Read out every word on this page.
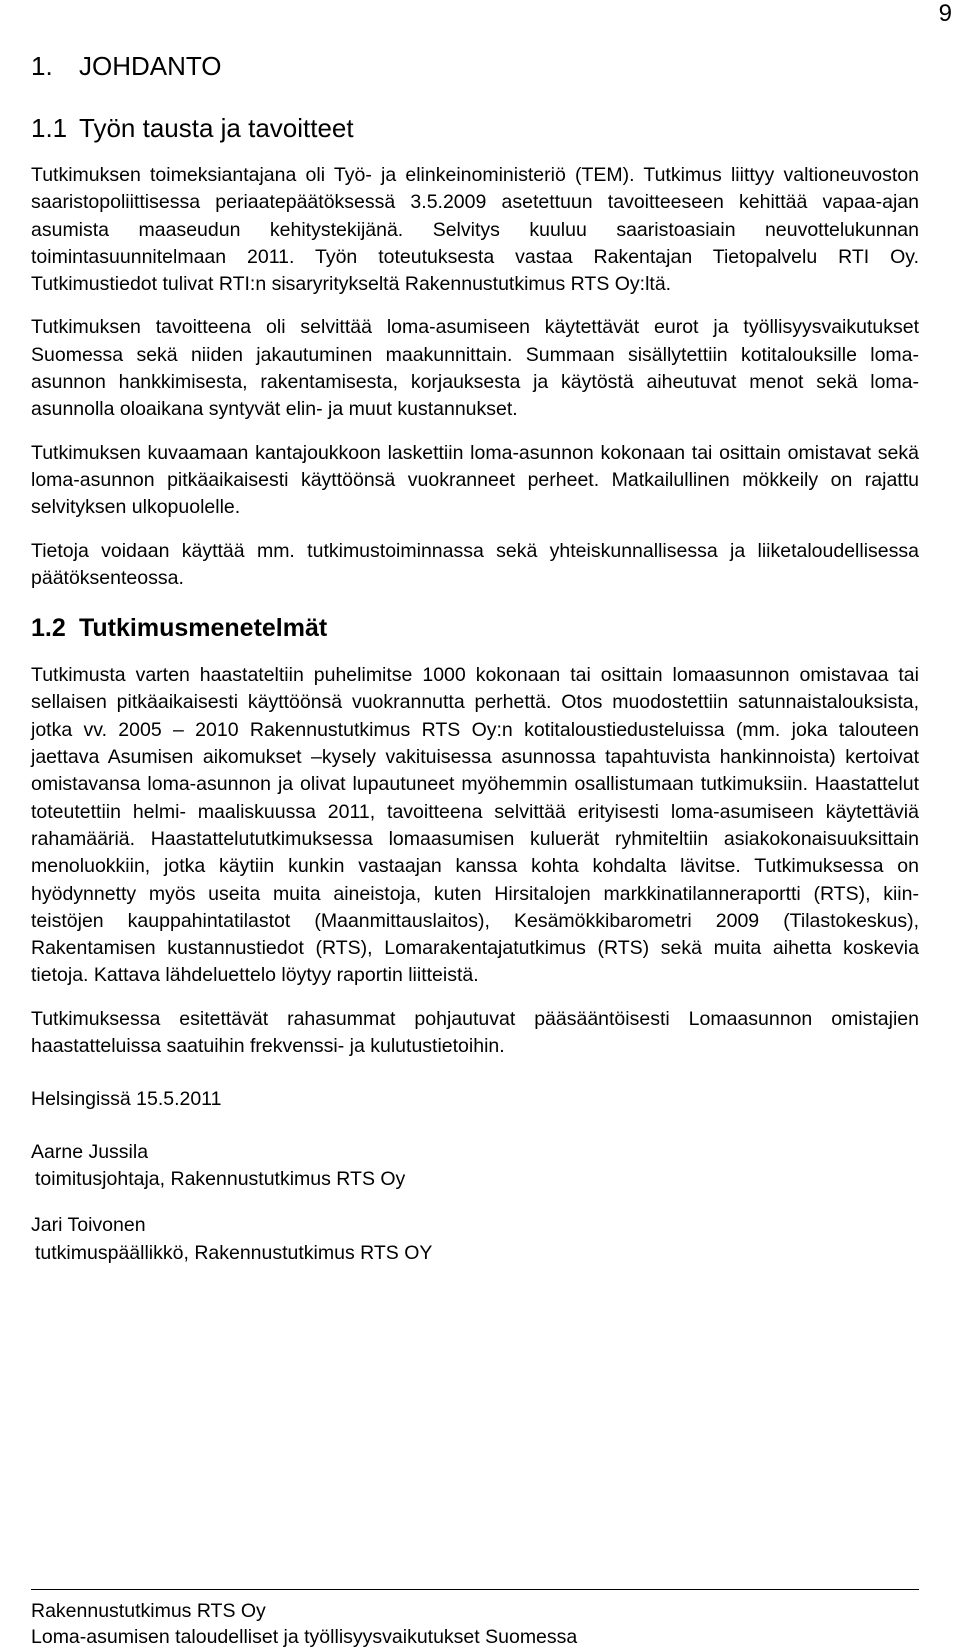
9
1.	JOHDANTO
1.1 Työn tausta ja tavoitteet

Tutkimuksen toimeksiantajana oli Työ- ja elinkeinoministeriö (TEM). Tutkimus liittyy valtioneuvoston saaristopoliittisessa periaatepäätöksessä 3.5.2009 asetettuun tavoitteeseen kehittää vapaa-ajan asumista maaseudun kehitystekijänä. Selvitys kuuluu saaristoasiain neuvottelukunnan toimintasuunnitelmaan 2011. Työn toteutuksesta vastaa Rakentajan Tietopalvelu RTI Oy. Tutkimustiedot tulivat RTI:n sisaryritykseltä Rakennustutkimus RTS Oy:ltä.

Tutkimuksen tavoitteena oli selvittää loma-asumiseen käytettävät eurot ja työllisyysvaikutukset Suomessa sekä niiden jakautuminen maakunnittain. Summaan sisällytettiin kotitalouksille loma-asunnon hankkimisesta, rakentamisesta, korjauksesta ja käytöstä aiheutuvat menot sekä loma-asunnolla oloaikana syntyvät elin- ja muut kustannukset.

Tutkimuksen kuvaamaan kantajoukkoon laskettiin loma-asunnon kokonaan tai osittain omistavat sekä loma-asunnon pitkäaikaisesti käyttöönsä vuokranneet perheet. Matkailullinen mökkeily on rajattu selvityksen ulkopuolelle.

Tietoja voidaan käyttää mm. tutkimustoiminnassa sekä yhteiskunnallisessa ja liiketaloudellisessa päätöksenteossa.

1.2 Tutkimusmenetelmät

Tutkimusta varten haastateltiin puhelimitse 1000 kokonaan tai osittain lomaasunnon omistavaa tai sellaisen pitkäaikaisesti käyttöönsä vuokrannutta perhettä. Otos muodostettiin satunnaistalouksista, jotka vv. 2005 – 2010 Rakennustutkimus RTS Oy:n kotitaloustiedusteluissa (mm. joka talouteen jaettava Asumisen aikomukset –kysely vakituisessa asunnossa tapahtuvista hankinnoista) kertoivat omistavansa loma-asunnon ja olivat lupautuneet myöhemmin osallistumaan tutkimuksiin. Haastattelut toteutettiin helmi- maaliskuussa 2011, tavoitteena selvittää erityisesti loma-asumiseen käytettäviä rahamääriä. Haastattelututkimuksessa lomaasumisen kuluerät ryhmiteltiin asiakokonaisuuksittain menoluokkiin, jotka käytiin kunkin vastaajan kanssa kohta kohdalta lävitse. Tutkimuksessa on hyödynnetty myös useita muita aineistoja, kuten Hirsitalojen markkinatilanneraportti (RTS), kiinteistöjen kauppahintatilastot (Maanmittauslaitos), Kesämökkibarometri 2009 (Tilastokeskus), Rakentamisen kustannustiedot (RTS), Lomarakentajatutkimus (RTS) sekä muita aihetta koskevia tietoja. Kattava lähdeluettelo löytyy raportin liitteistä.

Tutkimuksessa esitettävät rahasummat pohjautuvat pääsääntöisesti Lomaasunnon omistajien haastatteluissa saatuihin frekvenssi- ja kulutustietoihin.

Helsingissä 15.5.2011

Aarne Jussila

toimitusjohtaja, Rakennustutkimus RTS Oy

Jari Toivonen

tutkimuspäällikkö, Rakennustutkimus RTS OY

Rakennustutkimus RTS Oy

Loma-asumisen taloudelliset ja työllisyysvaikutukset Suomessa
